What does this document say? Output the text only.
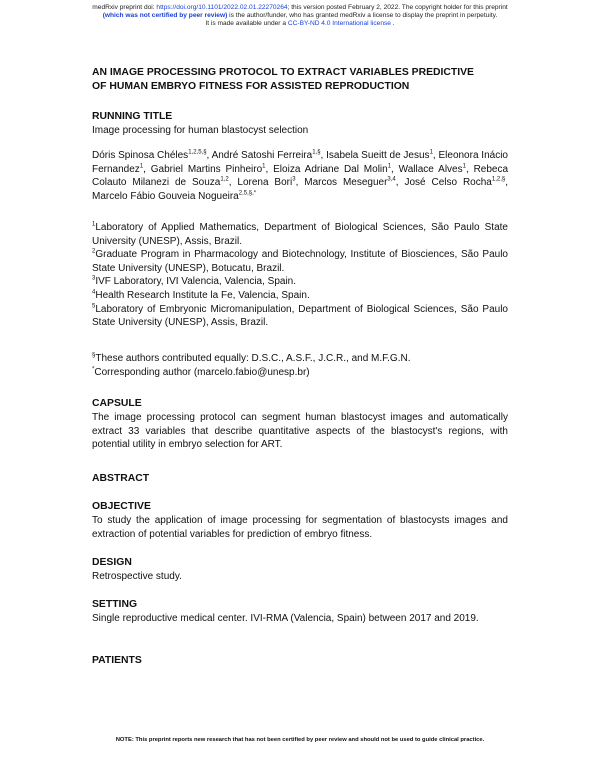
medRxiv preprint doi: https://doi.org/10.1101/2022.02.01.22270264; this version posted February 2, 2022. The copyright holder for this preprint
(which was not certified by peer review) is the author/funder, who has granted medRxiv a license to display the preprint in perpetuity.
It is made available under a CC-BY-ND 4.0 International license .
AN IMAGE PROCESSING PROTOCOL TO EXTRACT VARIABLES PREDICTIVE
OF HUMAN EMBRYO FITNESS FOR ASSISTED REPRODUCTION
RUNNING TITLE
Image processing for human blastocyst selection
Dóris Spinosa Chéles$^{1,2,5,\S}$, André Satoshi Ferreira$^{1,\S}$, Isabela Sueitt de Jesus$^1$, Eleonora Inácio Fernandez$^1$, Gabriel Martins Pinheiro$^1$, Eloiza Adriane Dal Molin$^1$, Wallace Alves$^1$, Rebeca Colauto Milanezi de Souza$^{1,2}$, Lorena Bori$^3$, Marcos Meseguer$^{3,4}$, José Celso Rocha$^{1,2,\S}$, Marcelo Fábio Gouveia Nogueira$^{2,5,\S,*}$
$^1$Laboratory of Applied Mathematics, Department of Biological Sciences, São Paulo State University (UNESP), Assis, Brazil.
$^2$Graduate Program in Pharmacology and Biotechnology, Institute of Biosciences, São Paulo State University (UNESP), Botucatu, Brazil.
$^3$IVF Laboratory, IVI Valencia, Valencia, Spain.
$^4$Health Research Institute la Fe, Valencia, Spain.
$^5$Laboratory of Embryonic Micromanipulation, Department of Biological Sciences, São Paulo State University (UNESP), Assis, Brazil.
§These authors contributed equally: D.S.C., A.S.F., J.C.R., and M.F.G.N.
*Corresponding author (marcelo.fabio@unesp.br)
CAPSULE
The image processing protocol can segment human blastocyst images and automatically extract 33 variables that describe quantitative aspects of the blastocyst's regions, with potential utility in embryo selection for ART.
ABSTRACT
OBJECTIVE
To study the application of image processing for segmentation of blastocysts images and extraction of potential variables for prediction of embryo fitness.
DESIGN
Retrospective study.
SETTING
Single reproductive medical center. IVI-RMA (Valencia, Spain) between 2017 and 2019.
PATIENTS
NOTE: This preprint reports new research that has not been certified by peer review and should not be used to guide clinical practice.
